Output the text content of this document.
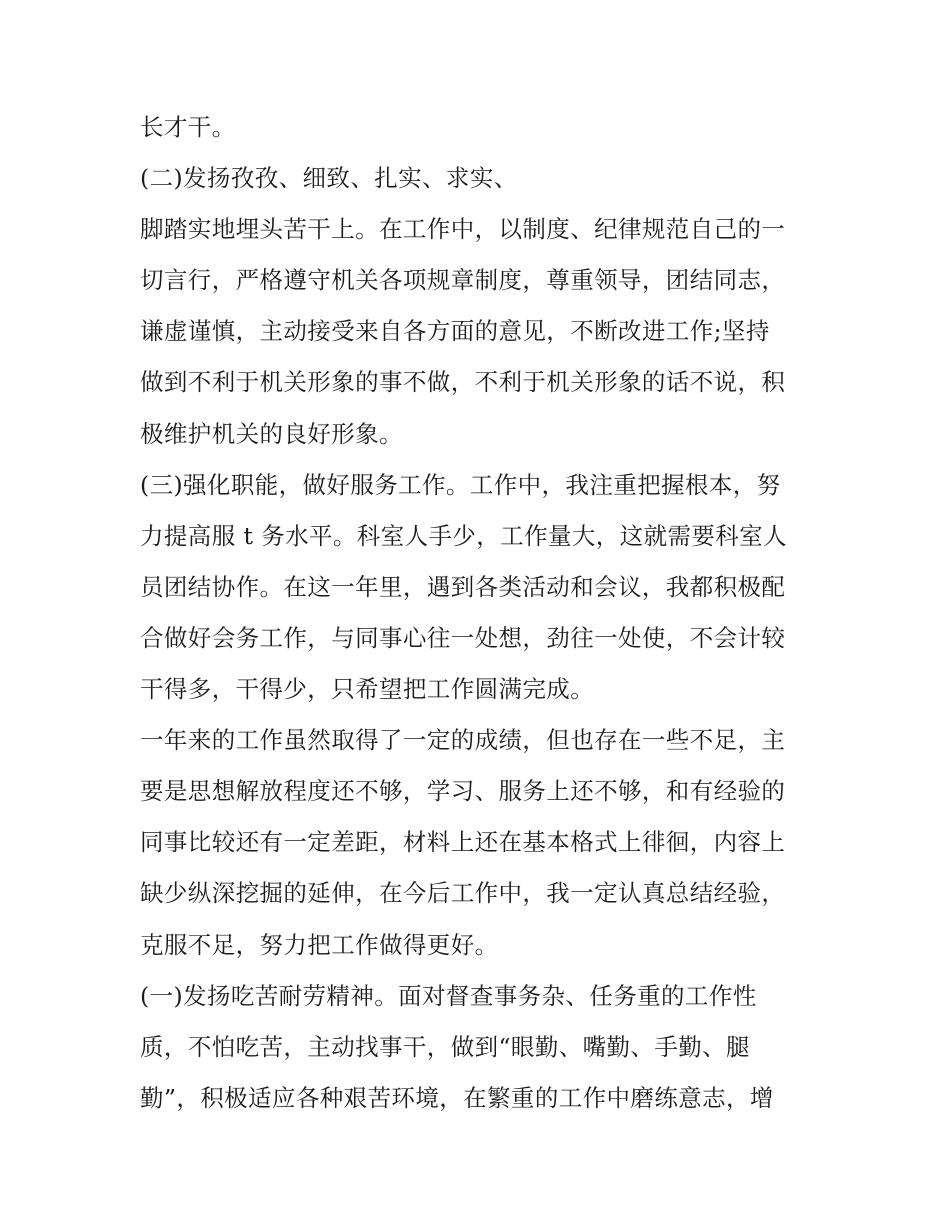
长才干。
(二)发扬孜孜、细致、扎实、求实、
脚踏实地埋头苦干上。在工作中，以制度、纪律规范自己的一
切言行，严格遵守机关各项规章制度，尊重领导，团结同志，
谦虚谨慎，主动接受来自各方面的意见，不断改进工作;坚持
做到不利于机关形象的事不做，不利于机关形象的话不说，积
极维护机关的良好形象。
(三)强化职能，做好服务工作。工作中，我注重把握根本，努
力提高服 t 务水平。科室人手少，工作量大，这就需要科室人
员团结协作。在这一年里，遇到各类活动和会议，我都积极配
合做好会务工作，与同事心往一处想，劲往一处使，不会计较
干得多，干得少，只希望把工作圆满完成。
一年来的工作虽然取得了一定的成绩，但也存在一些不足，主
要是思想解放程度还不够，学习、服务上还不够，和有经验的
同事比较还有一定差距，材料上还在基本格式上徘徊，内容上
缺少纵深挖掘的延伸，在今后工作中，我一定认真总结经验，
克服不足，努力把工作做得更好。
(一)发扬吃苦耐劳精神。面对督查事务杂、任务重的工作性
质，不怕吃苦，主动找事干，做到“眼勤、嘴勤、手勤、腿
勤”，积极适应各种艰苦环境，在繁重的工作中磨练意志，增
